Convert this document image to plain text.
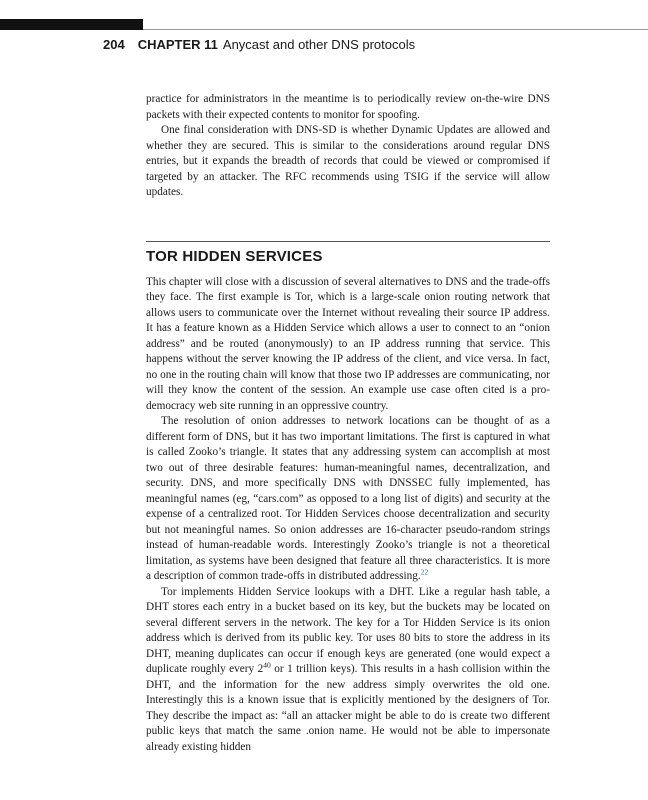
204 CHAPTER 11 Anycast and other DNS protocols

practice for administrators in the meantime is to periodically review on-the-wire DNS packets with their expected contents to monitor for spoofing.

One final consideration with DNS-SD is whether Dynamic Updates are allowed and whether they are secured. This is similar to the considerations around regular DNS entries, but it expands the breadth of records that could be viewed or compromised if targeted by an attacker. The RFC recommends using TSIG if the service will allow updates.

TOR HIDDEN SERVICES

This chapter will close with a discussion of several alternatives to DNS and the trade-offs they face. The first example is Tor, which is a large-scale onion routing network that allows users to communicate over the Internet without revealing their source IP address. It has a feature known as a Hidden Service which allows a user to connect to an “onion address” and be routed (anonymously) to an IP address running that service. This happens without the server knowing the IP address of the client, and vice versa. In fact, no one in the routing chain will know that those two IP addresses are communicating, nor will they know the content of the session. An example use case often cited is a pro-democracy web site running in an oppressive country.

The resolution of onion addresses to network locations can be thought of as a different form of DNS, but it has two important limitations. The first is captured in what is called Zooko’s triangle. It states that any addressing system can accomplish at most two out of three desirable features: human-meaningful names, decentralization, and security. DNS, and more specifically DNS with DNSSEC fully implemented, has meaningful names (eg, “cars.com” as opposed to a long list of digits) and security at the expense of a centralized root. Tor Hidden Services choose decentralization and security but not meaningful names. So onion addresses are 16-character pseudo-random strings instead of human-readable words. Interestingly Zooko’s triangle is not a theoretical limitation, as systems have been designed that feature all three characteristics. It is more a description of common trade-offs in distributed addressing.$^{22}$

Tor implements Hidden Service lookups with a DHT. Like a regular hash table, a DHT stores each entry in a bucket based on its key, but the buckets may be located on several different servers in the network. The key for a Tor Hidden Service is its onion address which is derived from its public key. Tor uses 80 bits to store the address in its DHT, meaning duplicates can occur if enough keys are generated (one would expect a duplicate roughly every $2^{40}$ or 1 trillion keys). This results in a hash collision within the DHT, and the information for the new address simply overwrites the old one. Interestingly this is a known issue that is explicitly mentioned by the designers of Tor. They describe the impact as: “all an attacker might be able to do is create two different public keys that match the same .onion name. He would not be able to impersonate already existing hidden
